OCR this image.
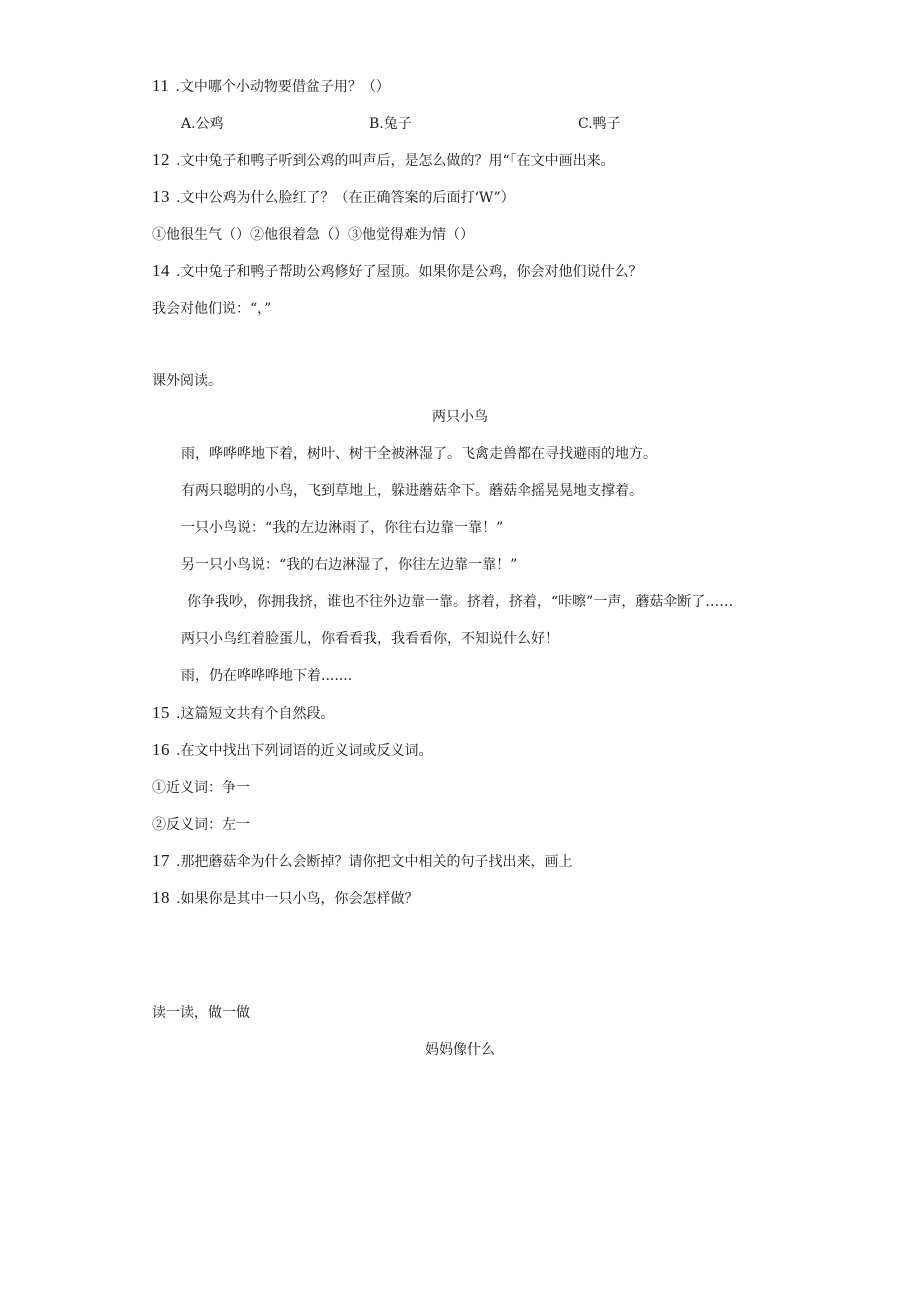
11 .文中哪个小动物要借盆子用？（）
A.公鸡	B.兔子	C.鸭子
12 .文中兔子和鸭子听到公鸡的叫声后，是怎么做的？用“「在文中画出来。
13 .文中公鸡为什么脸红了？（在正确答案的后面打‘W”）
①他很生气（）②他很着急（）③他觉得难为情（）
14 .文中兔子和鸭子帮助公鸡修好了屋顶。如果你是公鸡，你会对他们说什么？
我会对他们说：“，”
课外阅读。
两只小鸟
雨，哗哗哗地下着，树叶、树干全被淋湿了。飞禽走兽都在寻找避雨的地方。
有两只聪明的小鸟，飞到草地上，躲进蘑菇伞下。蘑菇伞摇晃晃地支撑着。
一只小鸟说：“我的左边淋雨了，你往右边靠一靠！”
另一只小鸟说：“我的右边淋湿了，你往左边靠一靠！”
你争我吵，你拥我挤，谁也不往外边靠一靠。挤着，挤着，“咔嚓”一声，蘑菇伞断了……
两只小鸟红着脸蛋儿，你看看我，我看看你，不知说什么好！
雨，仍在哗哗哗地下着.......
15 .这篇短文共有个自然段。
16 .在文中找出下列词语的近义词或反义词。
①近义词：争一
②反义词：左一
17 .那把蘑菇伞为什么会断掉？请你把文中相关的句子找出来，画上
18 .如果你是其中一只小鸟，你会怎样做？
读一读，做一做
妈妈像什么
